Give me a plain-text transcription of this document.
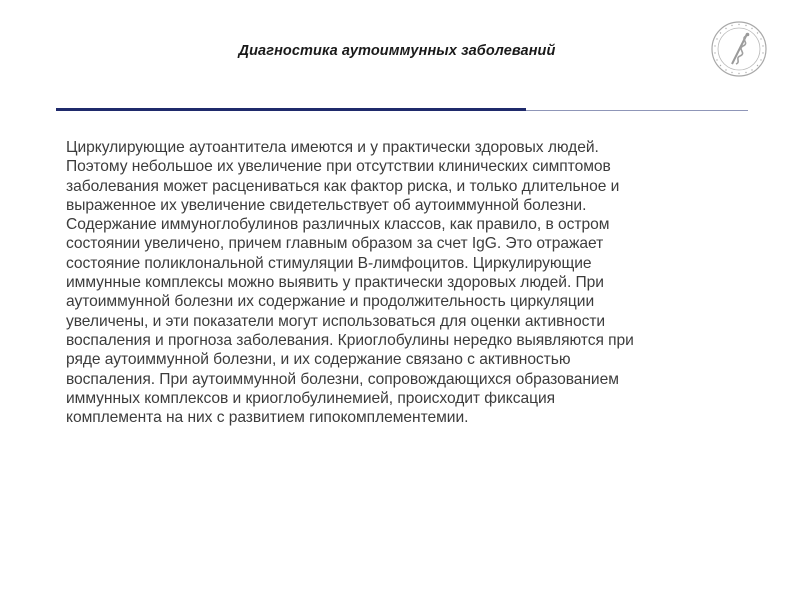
Диагностика аутоиммунных заболеваний
Циркулирующие аутоантитела имеются и у практически здоровых людей.
Поэтому небольшое их увеличение при отсутствии клинических симптомов
заболевания может расцениваться как фактор риска, и только длительное и
выраженное их увеличение свидетельствует об аутоиммунной болезни.
Содержание иммуноглобулинов различных классов, как правило, в остром
состоянии увеличено, причем главным образом за счет IgG. Это отражает
состояние поликлональной стимуляции В-лимфоцитов. Циркулирующие
иммунные комплексы можно выявить у практически здоровых людей. При
аутоиммунной болезни их содержание и продолжительность циркуляции
увеличены, и эти показатели могут использоваться для оценки активности
воспаления и прогноза заболевания. Криоглобулины нередко выявляются при
ряде аутоиммунной болезни, и их содержание связано с активностью
воспаления. При аутоиммунной болезни, сопровождающихся образованием
иммунных комплексов и криоглобулинемией, происходит фиксация
комплемента на них с развитием гипокомплементемии.
